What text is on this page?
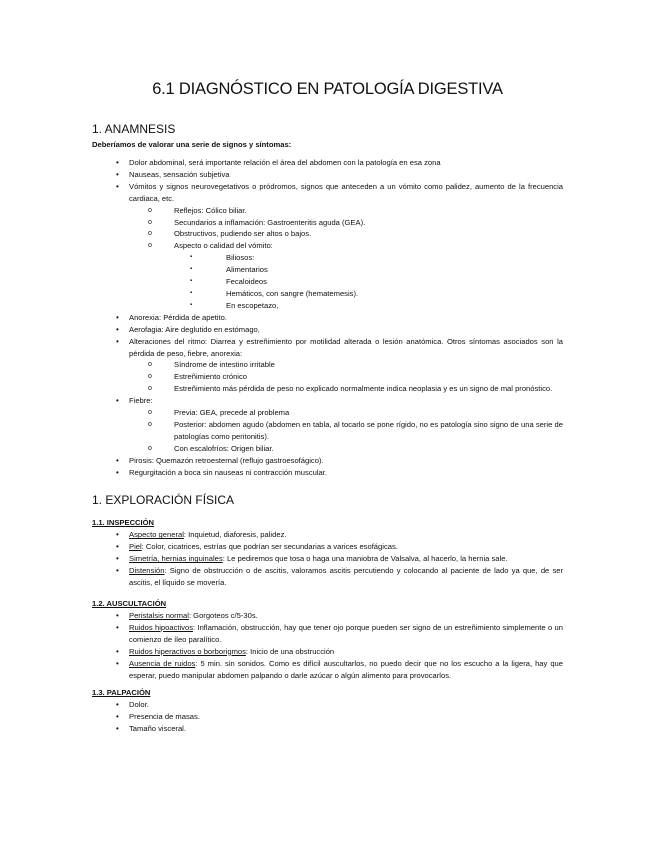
6.1 DIAGNÓSTICO EN PATOLOGÍA DIGESTIVA
1. ANAMNESIS

Deberíamos de valorar una serie de signos y síntomas:

• Dolor abdominal, será importante relación el área del abdomen con la patología en esa zona
• Nauseas, sensación subjetiva
• Vómitos y signos neurovegetativos o pródromos, signos que anteceden a un vómito como palidez, aumento de la frecuencia cardiaca, etc.
o Reflejos: Cólico biliar.
o Secundarios a inflamación: Gastroenteritis aguda (GEA).
o Obstructivos, pudiendo ser altos o bajos.
o Aspecto o calidad del vómito:
▪ Biliosos:
▪ Alimentarios
▪ Fecaloideos
▪ Hemáticos, con sangre (hematemesis).
▪ En escopetazo,
• Anorexia: Pérdida de apetito.
• Aerofagia: Aire deglutido en estómago,
• Alteraciones del ritmo: Diarrea y estreñimiento por motilidad alterada o lesión anatómica. Otros síntomas asociados son la pérdida de peso, fiebre, anorexia:
o Síndrome de intestino irritable
o Estreñimiento crónico
o Estreñimiento más pérdida de peso no explicado normalmente indica neoplasia y es un signo de mal pronóstico.
• Fiebre:
o Previa: GEA, precede al problema
o Posterior: abdomen agudo (abdomen en tabla, al tocarlo se pone rígido, no es patología sino signo de una serie de patologías como peritonitis).
o Con escalofríos: Origen biliar.
• Pirosis: Quemazón retroesternal (reflujo gastroesofágico).
• Regurgitación a boca sin nauseas ni contracción muscular.
1. EXPLORACIÓN FÍSICA

1.1. INSPECCIÓN

• Aspecto general: Inquietud, diaforesis, palidez.
• Piel: Color, cicatrices, estrías que podrían ser secundarias a varices esofágicas.
• Simetría, hernias inguinales: Le pediremos que tosa o haga una maniobra de Valsalva, al hacerlo, la hernia sale.
• Distensión: Signo de obstrucción o de ascitis, valoramos ascitis percutiendo y colocando al paciente de lado ya que, de ser ascitis, el líquido se movería.

1.2. AUSCULTACIÓN

• Peristalsis normal: Gorgoteos c/5-30s.
• Ruidos hipoactivos: Inflamación, obstrucción, hay que tener ojo porque pueden ser signo de un estreñimiento simplemente o un comienzo de íleo paralítico.
• Ruidos hiperactivos o borborigmos: Inicio de una obstrucción
• Ausencia de ruidos: 5 min. sin sonidos. Como es difícil auscultarlos, no puedo decir que no los escucho a la ligera, hay que esperar, puedo manipular abdomen palpando o darle azúcar o algún alimento para provocarlos.

1.3. PALPACIÓN

• Dolor.
• Presencia de masas.
• Tamaño visceral.
